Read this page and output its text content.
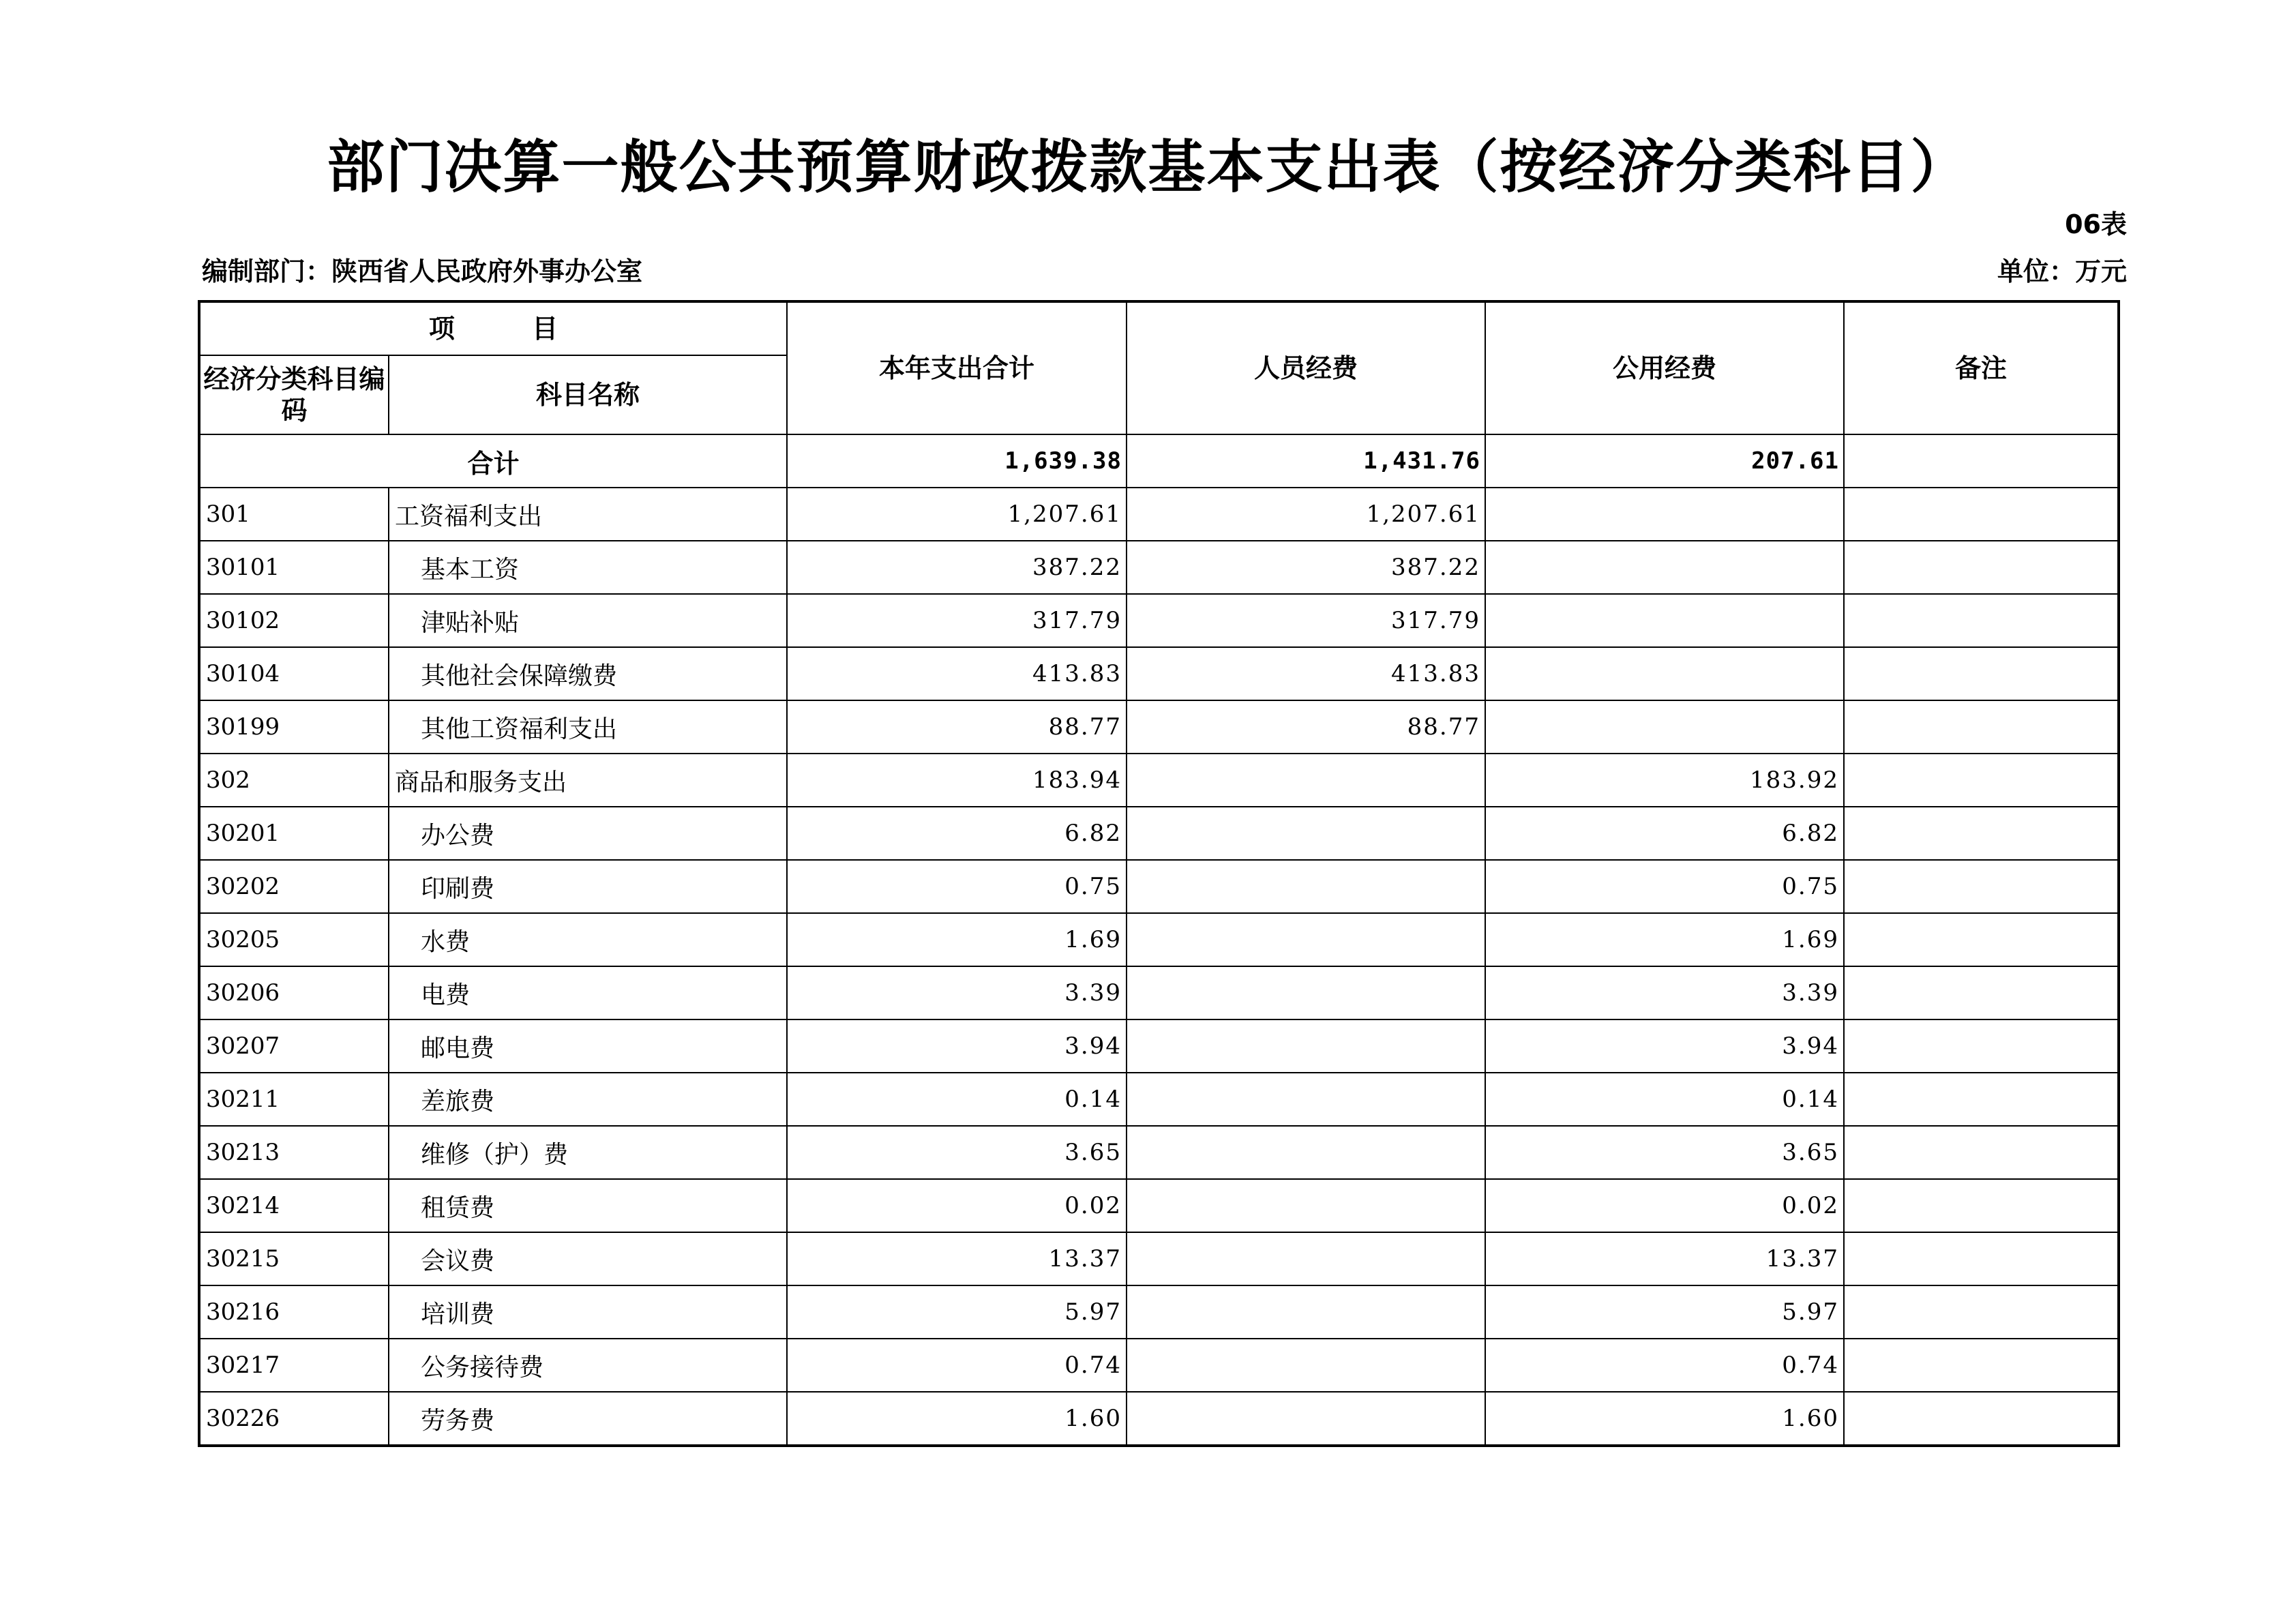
部门决算一般公共预算财政拨款基本支出表（按经济分类科目）
06表
编制部门：陕西省人民政府外事办公室	单位：万元
项 目		本年支出合计	人员经费	公用经费	备注
经济分类科目编码	科目名称				
合计		1,639.38	1,431.76	207.61	
301	工资福利支出	1,207.61	1,207.61		
30101	基本工资	387.22	387.22		
30102	津贴补贴	317.79	317.79		
30104	其他社会保障缴费	413.83	413.83		
30199	其他工资福利支出	88.77	88.77		
302	商品和服务支出	183.94		183.92	
30201	办公费	6.82		6.82	
30202	印刷费	0.75		0.75	
30205	水费	1.69		1.69	
30206	电费	3.39		3.39	
30207	邮电费	3.94		3.94	
30211	差旅费	0.14		0.14	
30213	维修（护）费	3.65		3.65	
30214	租赁费	0.02		0.02	
30215	会议费	13.37		13.37	
30216	培训费	5.97		5.97	
30217	公务接待费	0.74		0.74	
30226	劳务费	1.60		1.60	
